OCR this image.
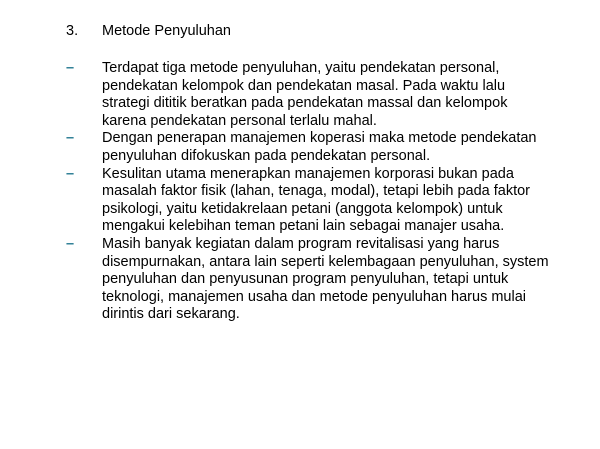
3. Metode Penyuluhan
– Terdapat tiga metode penyuluhan, yaitu pendekatan personal,
pendekatan kelompok dan pendekatan masal. Pada waktu lalu
strategi dititik beratkan pada pendekatan massal dan kelompok
karena pendekatan personal terlalu mahal.
– Dengan penerapan manajemen koperasi maka metode pendekatan
penyuluhan difokuskan pada pendekatan personal.
– Kesulitan utama menerapkan manajemen korporasi bukan pada
masalah faktor fisik (lahan, tenaga, modal), tetapi lebih pada faktor
psikologi, yaitu ketidakrelaan petani (anggota kelompok) untuk
mengakui kelebihan teman petani lain sebagai manajer usaha.
– Masih banyak kegiatan dalam program revitalisasi yang harus
disempurnakan, antara lain seperti kelembagaan penyuluhan, system
penyuluhan dan penyusunan program penyuluhan, tetapi untuk
teknologi, manajemen usaha dan metode penyuluhan harus mulai
dirintis dari sekarang.
